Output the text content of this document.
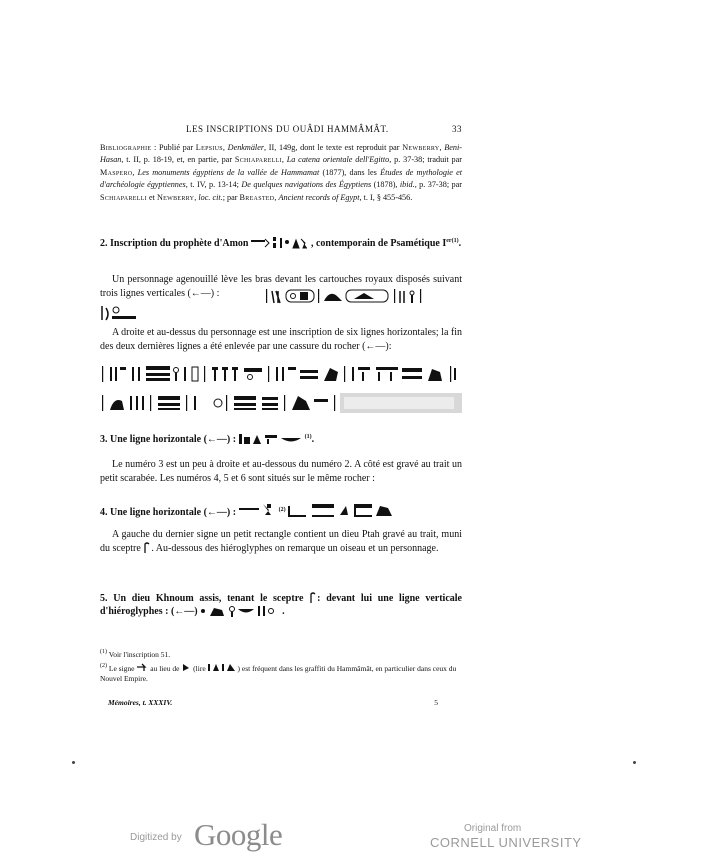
LES INSCRIPTIONS DU OUÂDI HAMMÂMÂT.	33
Bibliographie : Publié par Lepsius, Denkmäler, II, 149g, dont le texte est reproduit par Newberry, Beni-Hasan, t. II, p. 18-19, et, en partie, par Schiaparelli, La catena orientale dell'Egitto, p. 37-38; traduit par Maspero, Les monuments égyptiens de la vallée de Hammamat (1877), dans les Études de mythologie et d'archéologie égyptiennes, t. IV, p. 13-14; De quelques navigations des Égyptiens (1878), ibid., p. 37-38; par Schiaparelli et Newberry, loc. cit.; par Breasted, Ancient records of Egypt, t. I, § 455-456.
2. Inscription du prophète d'Amon	, contemporain de Psamétique $I^{er(1)}$.
Un personnage agenouillé lève les bras devant les cartouches royaux disposés suivant trois lignes verticales (←—) :
A droite et au-dessus du personnage est une inscription de six lignes horizontales; la fin des deux dernières lignes a été enlevée par une cassure du rocher (←—):
3. Une ligne horizontale (←—) :	$^{(1)}$.
Le numéro 3 est un peu à droite et au-dessous du numéro 2. A côté est gravé au trait un petit scarabée. Les numéros 4, 5 et 6 sont situés sur le même rocher :
4. Une ligne horizontale (←—) :	$^{(2)}$
A gauche du dernier signe un petit rectangle contient un dieu Ptah gravé au trait, muni du sceptre . Au-dessous des hiéroglyphes on remarque un oiseau et un personnage.
5. Un dieu Khnoum assis, tenant le sceptre : devant lui une ligne verticale d'hiéroglyphes : (←—)	.

$^{(1)}$ Voir l'inscription 51.

$^{(2)}$ Le signe au lieu de (lire	) est fréquent dans les graffiti du Hammâmât, en particulier dans ceux du Nouvel Empire.

Mémoires, t. XXXIV.	5
Digitized by Google	Original from
CORNELL UNIVERSITY
